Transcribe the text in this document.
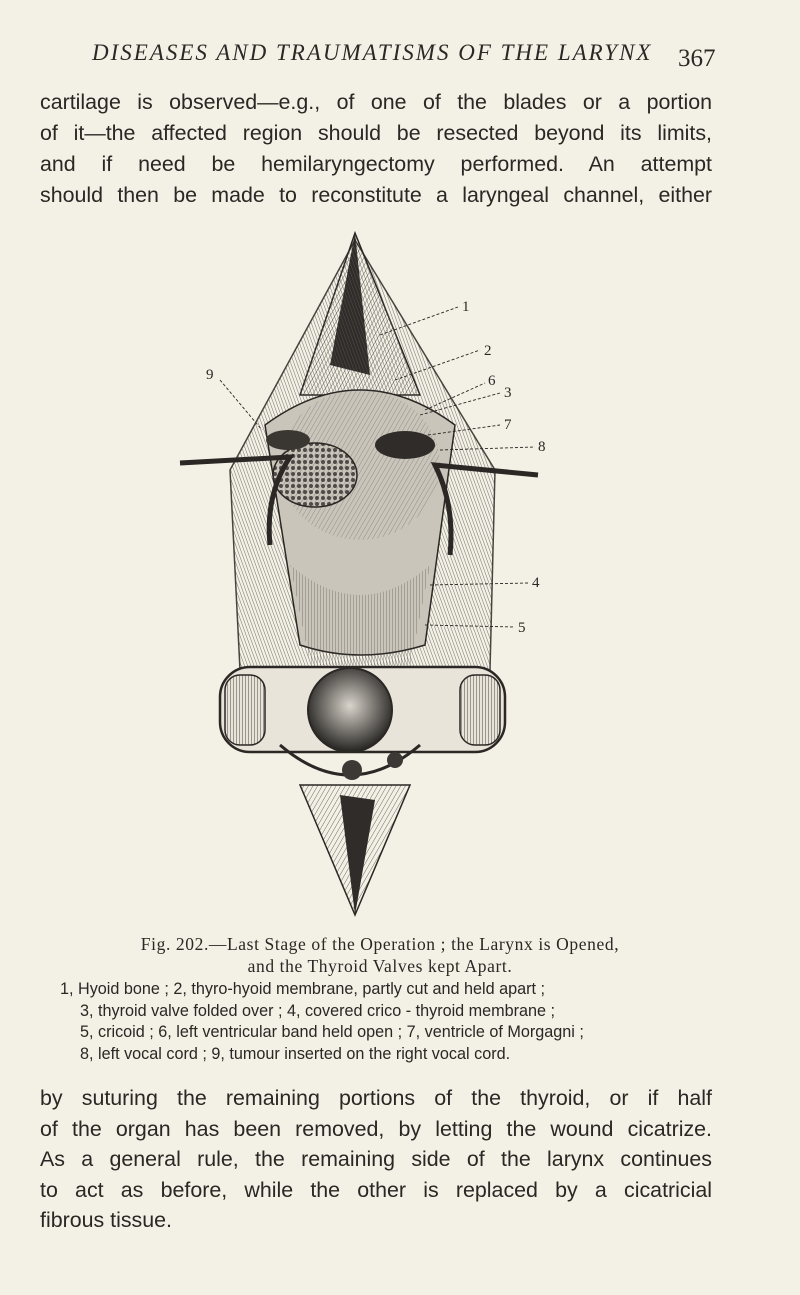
DISEASES AND TRAUMATISMS OF THE LARYNX	367
cartilage is observed—e.g., of one of the blades or a portion
of it—the affected region should be resected beyond its limits,
and if need be hemilaryngectomy performed. An attempt
should then be made to reconstitute a laryngeal channel, either
1
2
3
4
5
6
7
8
9
Fig. 202.—Last Stage of the Operation ; the Larynx is Opened,
and the Thyroid Valves kept Apart.
1, Hyoid bone ; 2, thyro-hyoid membrane, partly cut and held apart ;
3, thyroid valve folded over ; 4, covered crico - thyroid membrane ;
5, cricoid ; 6, left ventricular band held open ; 7, ventricle of Morgagni ;
8, left vocal cord ; 9, tumour inserted on the right vocal cord.
by suturing the remaining portions of the thyroid, or if half
of the organ has been removed, by letting the wound cicatrize.
As a general rule, the remaining side of the larynx continues
to act as before, while the other is replaced by a cicatricial
fibrous tissue.
